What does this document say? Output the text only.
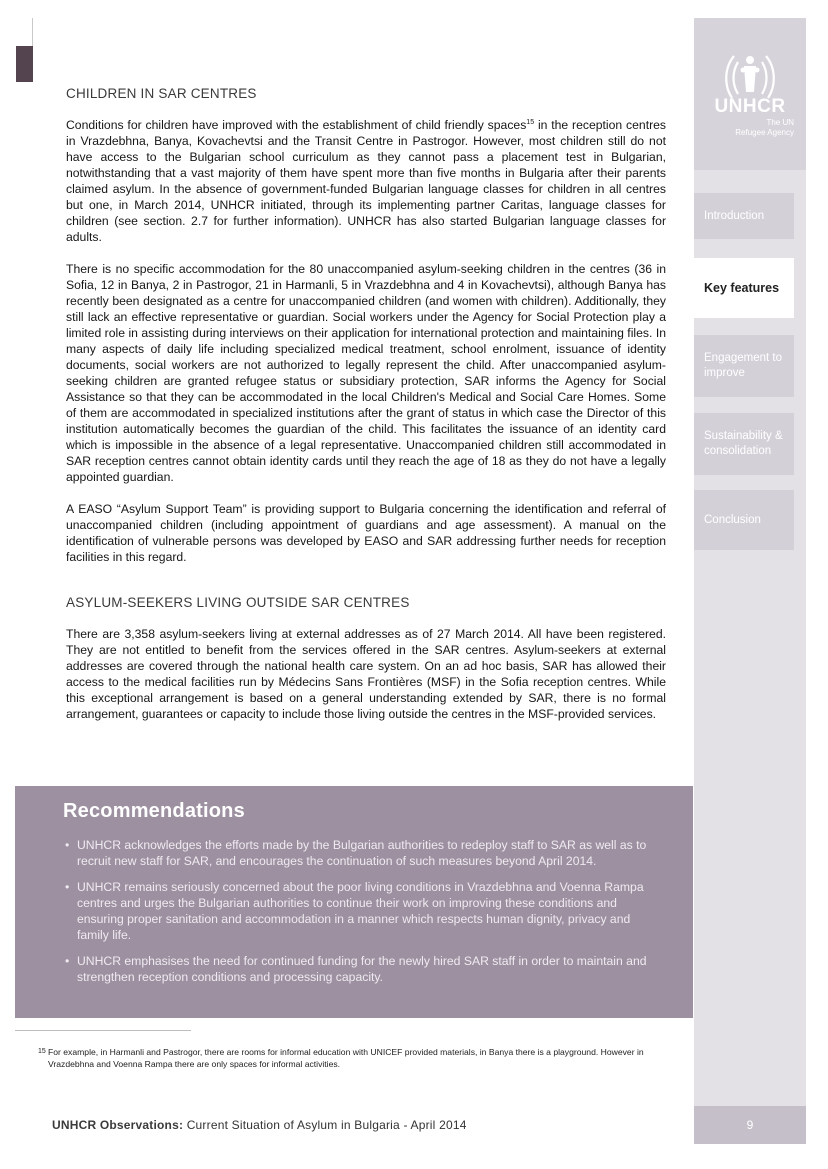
CHILDREN IN SAR CENTRES

Conditions for children have improved with the establishment of child friendly spaces$^{15}$ in the reception centres in Vrazdebhna, Banya, Kovachevtsi and the Transit Centre in Pastrogor. However, most children still do not have access to the Bulgarian school curriculum as they cannot pass a placement test in Bulgarian, notwithstanding that a vast majority of them have spent more than five months in Bulgaria after their parents claimed asylum. In the absence of government-funded Bulgarian language classes for children in all centres but one, in March 2014, UNHCR initiated, through its implementing partner Caritas, language classes for children (see section. 2.7 for further information). UNHCR has also started Bulgarian language classes for adults.

There is no specific accommodation for the 80 unaccompanied asylum-seeking children in the centres (36 in Sofia, 12 in Banya, 2 in Pastrogor, 21 in Harmanli, 5 in Vrazdebhna and 4 in Kovachevtsi), although Banya has recently been designated as a centre for unaccompanied children (and women with children). Additionally, they still lack an effective representative or guardian. Social workers under the Agency for Social Protection play a limited role in assisting during interviews on their application for international protection and maintaining files. In many aspects of daily life including specialized medical treatment, school enrolment, issuance of identity documents, social workers are not authorized to legally represent the child. After unaccompanied asylum-seeking children are granted refugee status or subsidiary protection, SAR informs the Agency for Social Assistance so that they can be accommodated in the local Children's Medical and Social Care Homes. Some of them are accommodated in specialized institutions after the grant of status in which case the Director of this institution automatically becomes the guardian of the child. This facilitates the issuance of an identity card which is impossible in the absence of a legal representative. Unaccompanied children still accommodated in SAR reception centres cannot obtain identity cards until they reach the age of 18 as they do not have a legally appointed guardian.

A EASO “Asylum Support Team” is providing support to Bulgaria concerning the identification and referral of unaccompanied children (including appointment of guardians and age assessment). A manual on the identification of vulnerable persons was developed by EASO and SAR addressing further needs for reception facilities in this regard.

ASYLUM-SEEKERS LIVING OUTSIDE SAR CENTRES

There are 3,358 asylum-seekers living at external addresses as of 27 March 2014. All have been registered. They are not entitled to benefit from the services offered in the SAR centres. Asylum-seekers at external addresses are covered through the national health care system. On an ad hoc basis, SAR has allowed their access to the medical facilities run by Médecins Sans Frontières (MSF) in the Sofia reception centres. While this exceptional arrangement is based on a general understanding extended by SAR, there is no formal arrangement, guarantees or capacity to include those living outside the centres in the MSF-provided services.

Recommendations
• UNHCR acknowledges the efforts made by the Bulgarian authorities to redeploy staff to SAR as well as to recruit new staff for SAR, and encourages the continuation of such measures beyond April 2014.
• UNHCR remains seriously concerned about the poor living conditions in Vrazdebhna and Voenna Rampa centres and urges the Bulgarian authorities to continue their work on improving these conditions and ensuring proper sanitation and accommodation in a manner which respects human dignity, privacy and family life.
• UNHCR emphasises the need for continued funding for the newly hired SAR staff in order to maintain and strengthen reception conditions and processing capacity.
15 For example, in Harmanli and Pastrogor, there are rooms for informal education with UNICEF provided materials, in Banya there is a playground. However in Vrazdebhna and Voenna Rampa there are only spaces for informal activities.
UNHCR Observations: Current Situation of Asylum in Bulgaria - April 2014
UNHCR
The UN
Refugee Agency
Introduction
Key features
Engagement to improve
Sustainability & consolidation
Conclusion
9
